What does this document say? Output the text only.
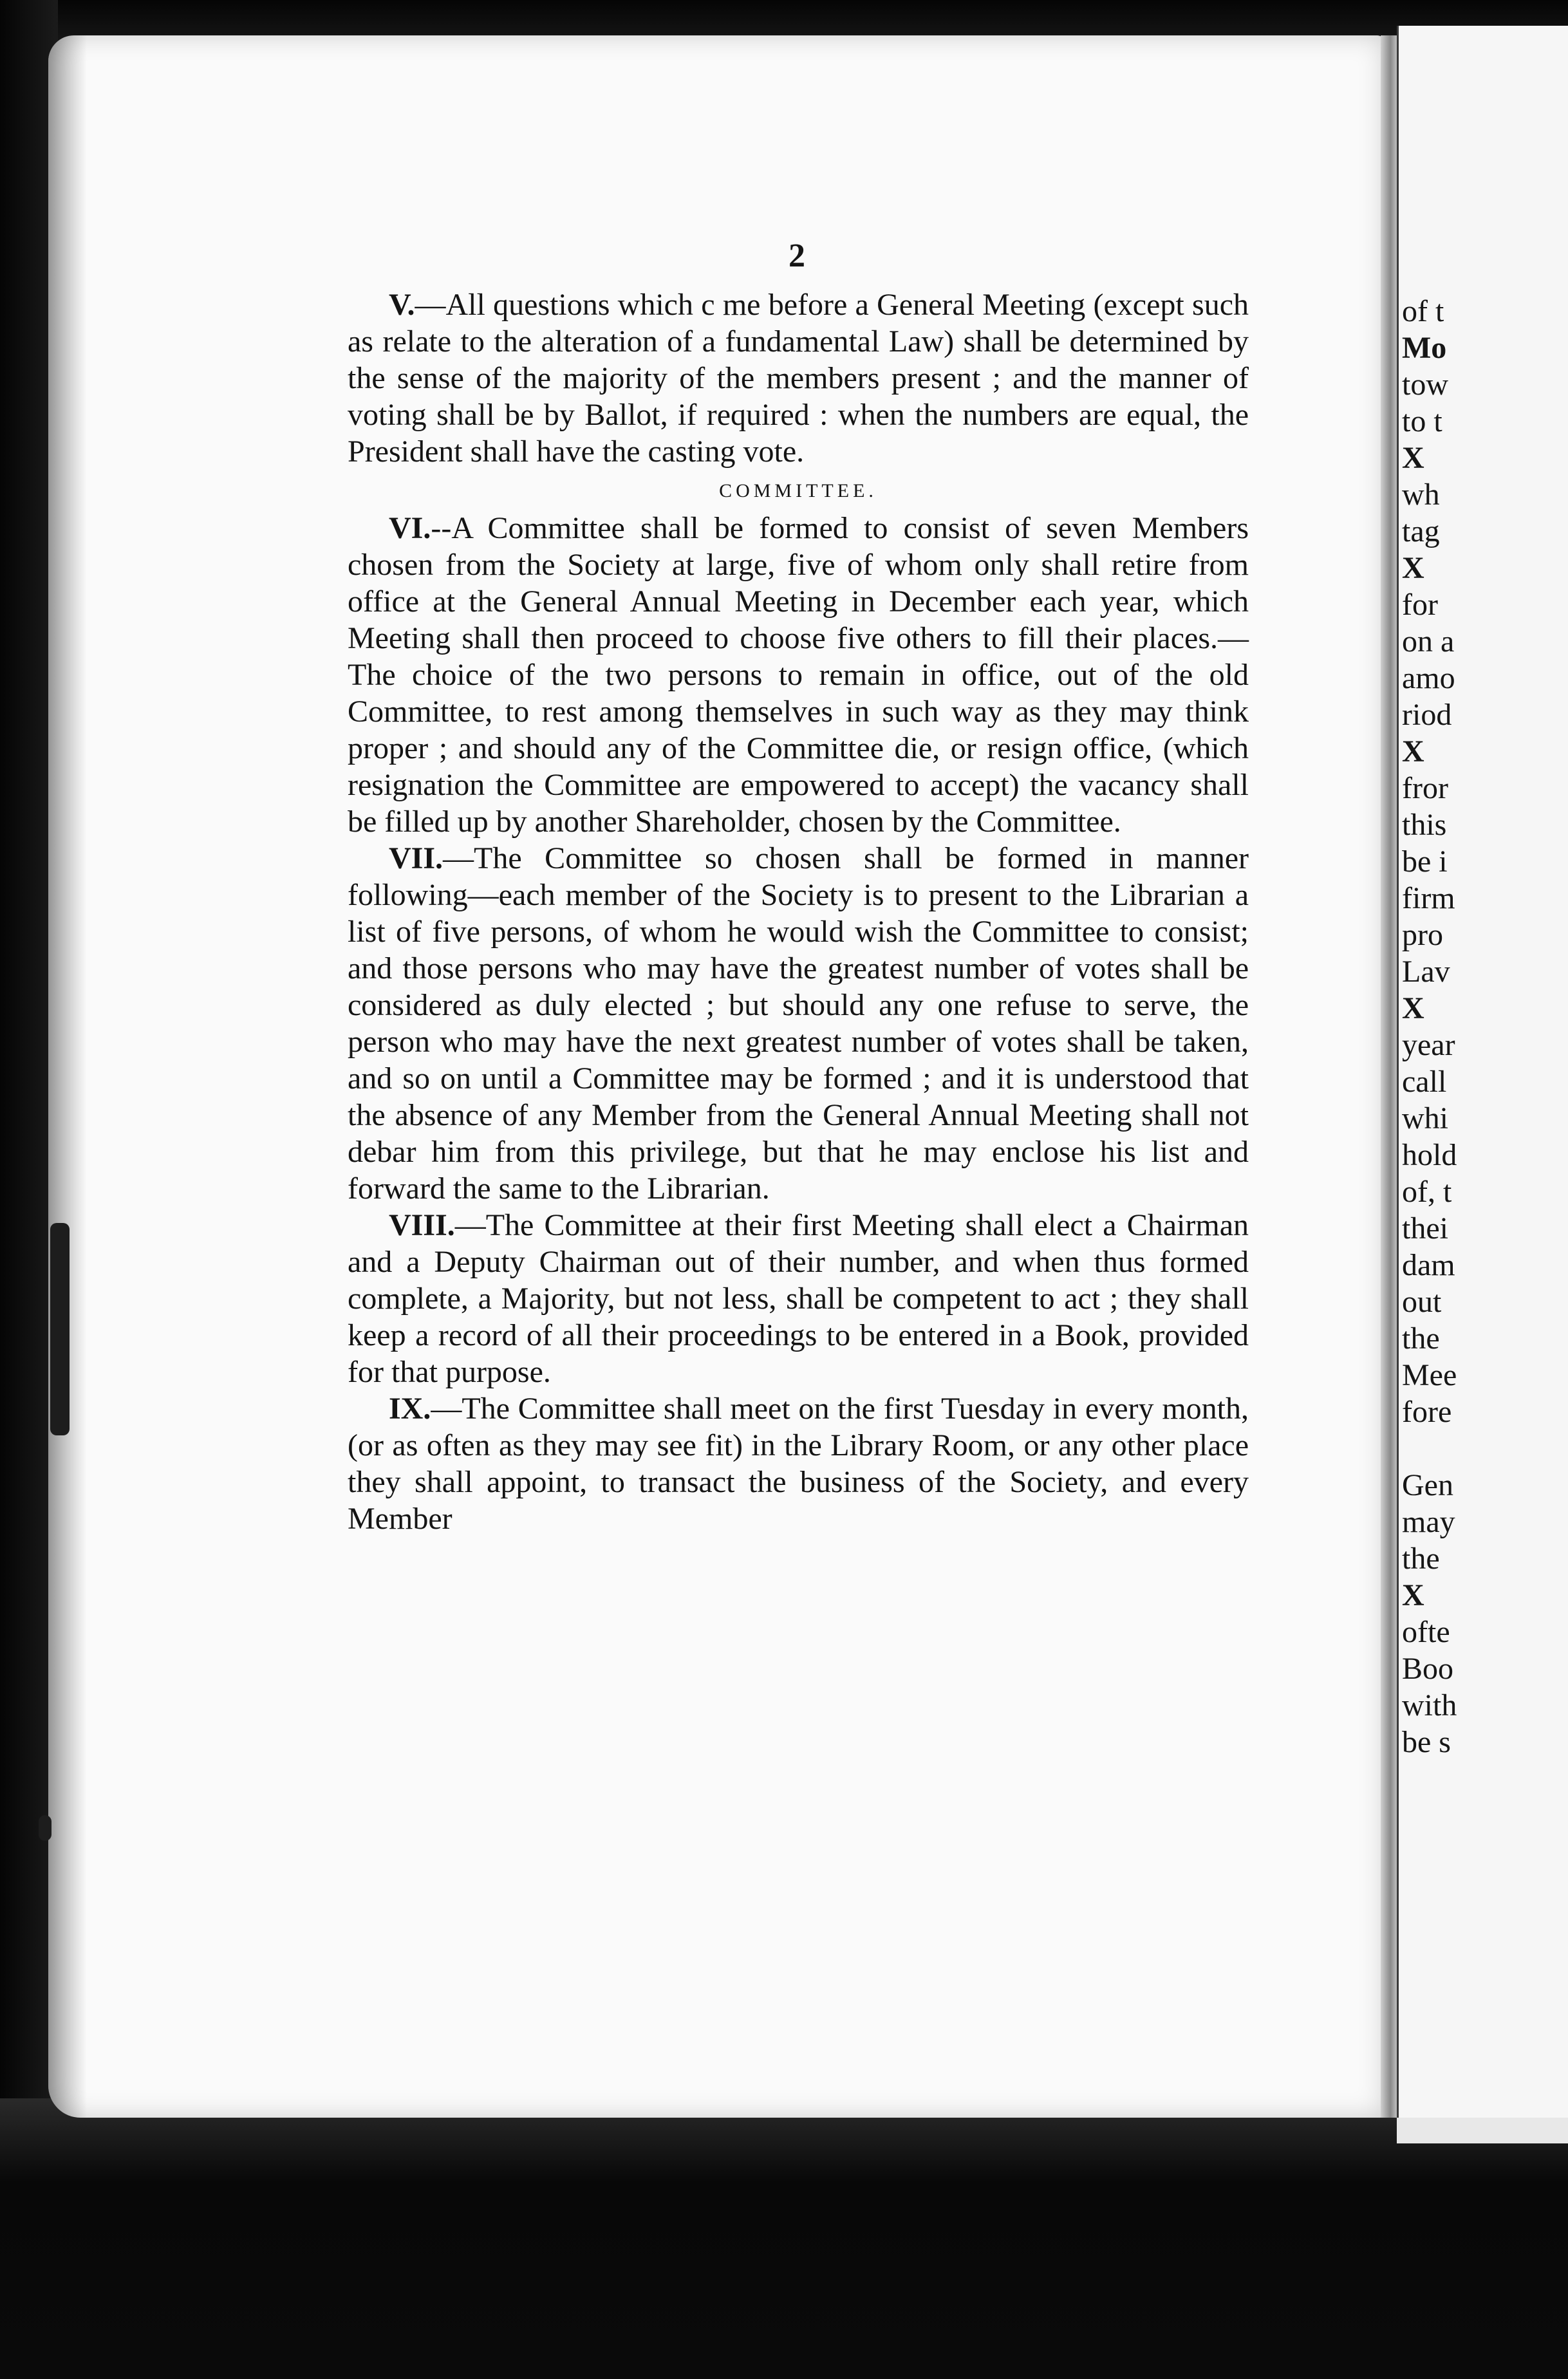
2

V.—All questions which c me before a General Meeting (except such as relate to the alteration of a fundamental Law) shall be determined by the sense of the majority of the members present ; and the manner of voting shall be by Ballot, if required : when the numbers are equal, the President shall have the casting vote.

COMMITTEE.

VI.--A Committee shall be formed to consist of seven Members chosen from the Society at large, five of whom only shall retire from office at the General Annual Meeting in December each year, which Meeting shall then proceed to choose five others to fill their places.—The choice of the two persons to remain in office, out of the old Committee, to rest among themselves in such way as they may think proper ; and should any of the Committee die, or resign office, (which resignation the Committee are empowered to accept) the vacancy shall be filled up by another Shareholder, chosen by the Committee.

VII.—The Committee so chosen shall be formed in manner following—each member of the Society is to present to the Librarian a list of five persons, of whom he would wish the Committee to consist; and those persons who may have the greatest number of votes shall be considered as duly elected ; but should any one refuse to serve, the person who may have the next greatest number of votes shall be taken, and so on until a Committee may be formed ; and it is understood that the absence of any Member from the General Annual Meeting shall not debar him from this privilege, but that he may enclose his list and forward the same to the Librarian.

VIII.—The Committee at their first Meeting shall elect a Chairman and a Deputy Chairman out of their number, and when thus formed complete, a Majority, but not less, shall be competent to act ; they shall keep a record of all their proceedings to be entered in a Book, provided for that purpose.

IX.—The Committee shall meet on the first Tuesday in every month, (or as often as they may see fit) in the Library Room, or any other place they shall appoint, to transact the business of the Society, and every Member

of t
Mo
tow
to t
X
wh
tag
X
for
on a
amo
riod
X
fror
this
be i
firm
pro
Lav
X
year
call
whi
hold
of, t
thei
dam
out
the
Mee
fore
Gen
may
the
X
ofte
Boo
with
be s
